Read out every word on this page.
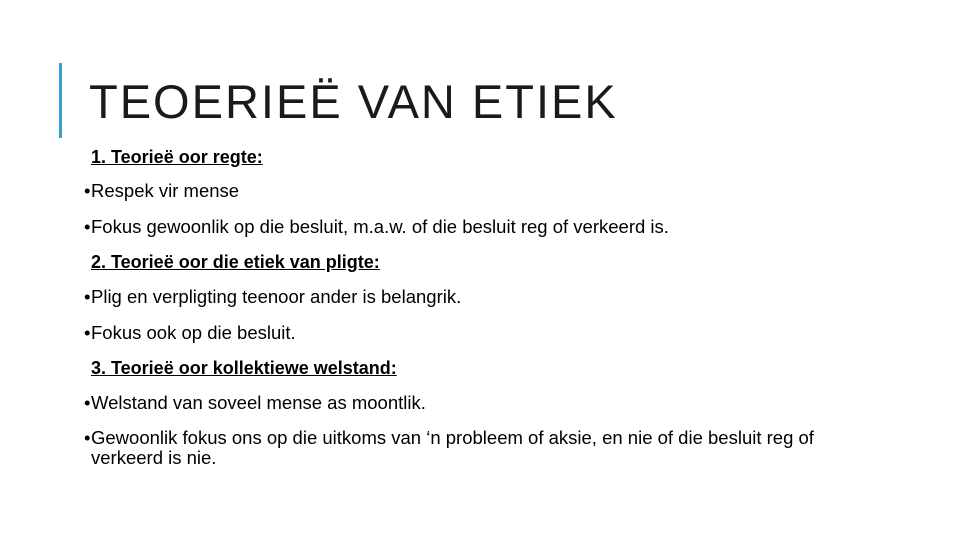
TEOERIEË VAN ETIEK
1. Teorieë oor regte:
• Respek vir mense
• Fokus gewoonlik op die besluit, m.a.w. of die besluit reg of verkeerd is.
2. Teorieë oor die etiek van pligte:
• Plig en verpligting teenoor ander is belangrik.
• Fokus ook op die besluit.
3. Teorieë oor kollektiewe welstand:
• Welstand van soveel mense as moontlik.
• Gewoonlik fokus ons op die uitkoms van ‘n probleem of aksie, en nie of die besluit reg of verkeerd is nie.
